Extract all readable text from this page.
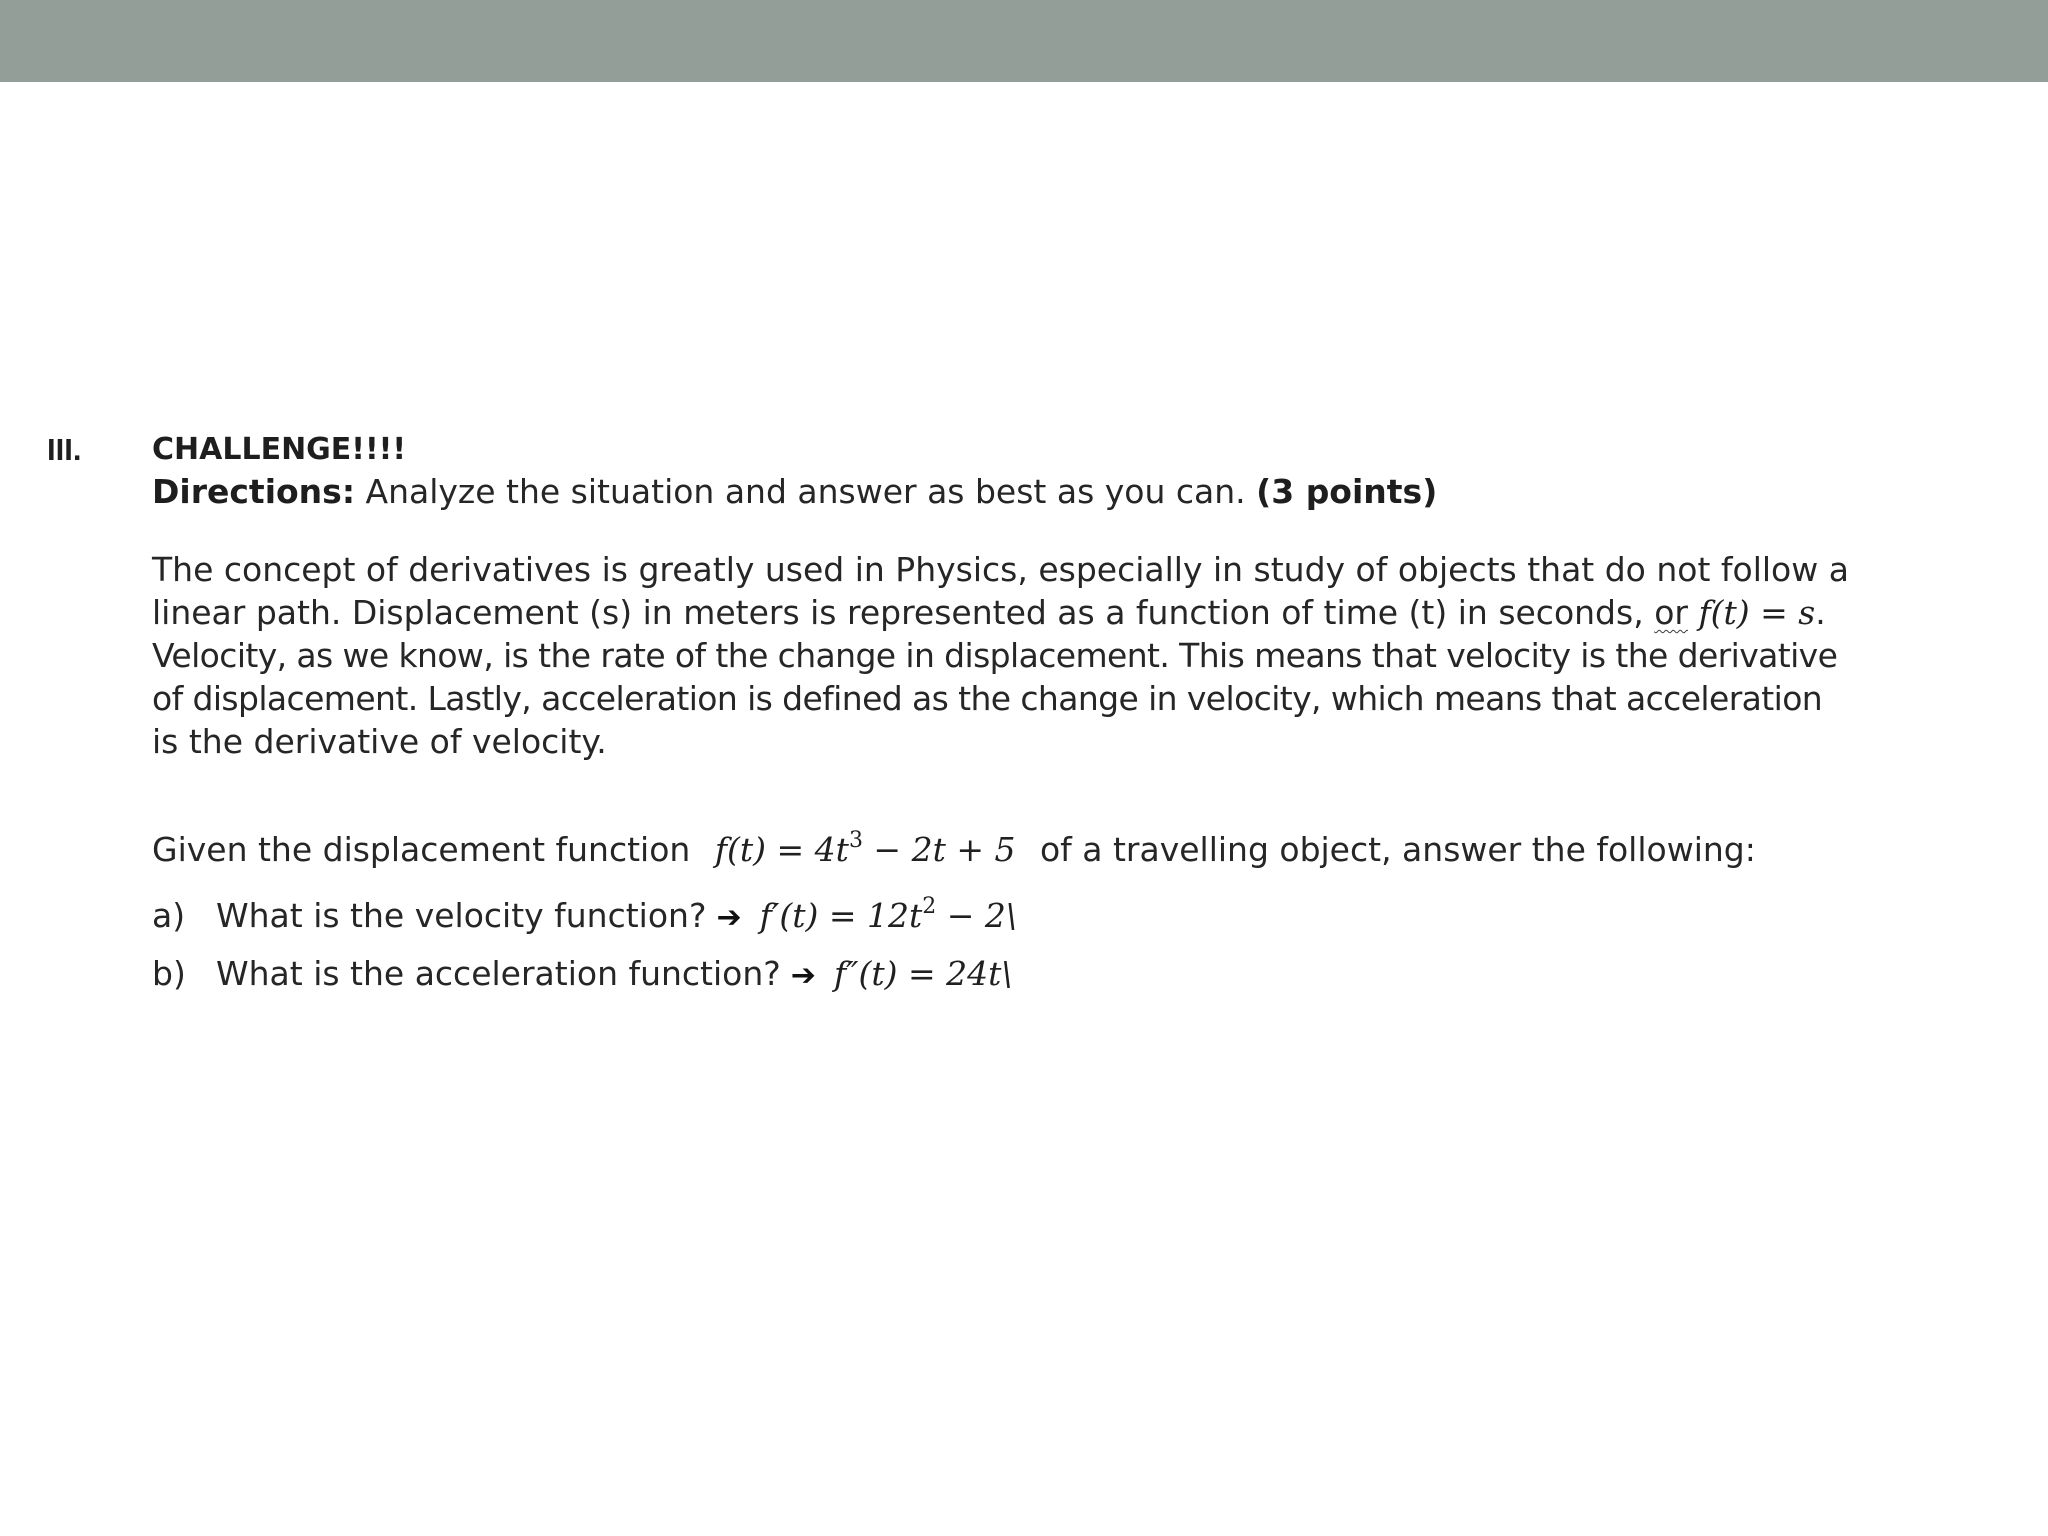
III. CHALLENGE!!!!
Directions: Analyze the situation and answer as best as you can. (3 points)
The concept of derivatives is greatly used in Physics, especially in study of objects that do not follow a
linear path. Displacement (s) in meters is represented as a function of time (t) in seconds, or f(t) = s.
Velocity, as we know, is the rate of the change in displacement. This means that velocity is the derivative
of displacement. Lastly, acceleration is defined as the change in velocity, which means that acceleration
is the derivative of velocity.
Given the displacement function $f(t) = 4t^3 - 2t + 5$ of a travelling object, answer the following:
a) What is the velocity function? ➔ $f'(t) = 12t^2$ − 2\
b) What is the acceleration function? ➔ f″(t) = 24t\
